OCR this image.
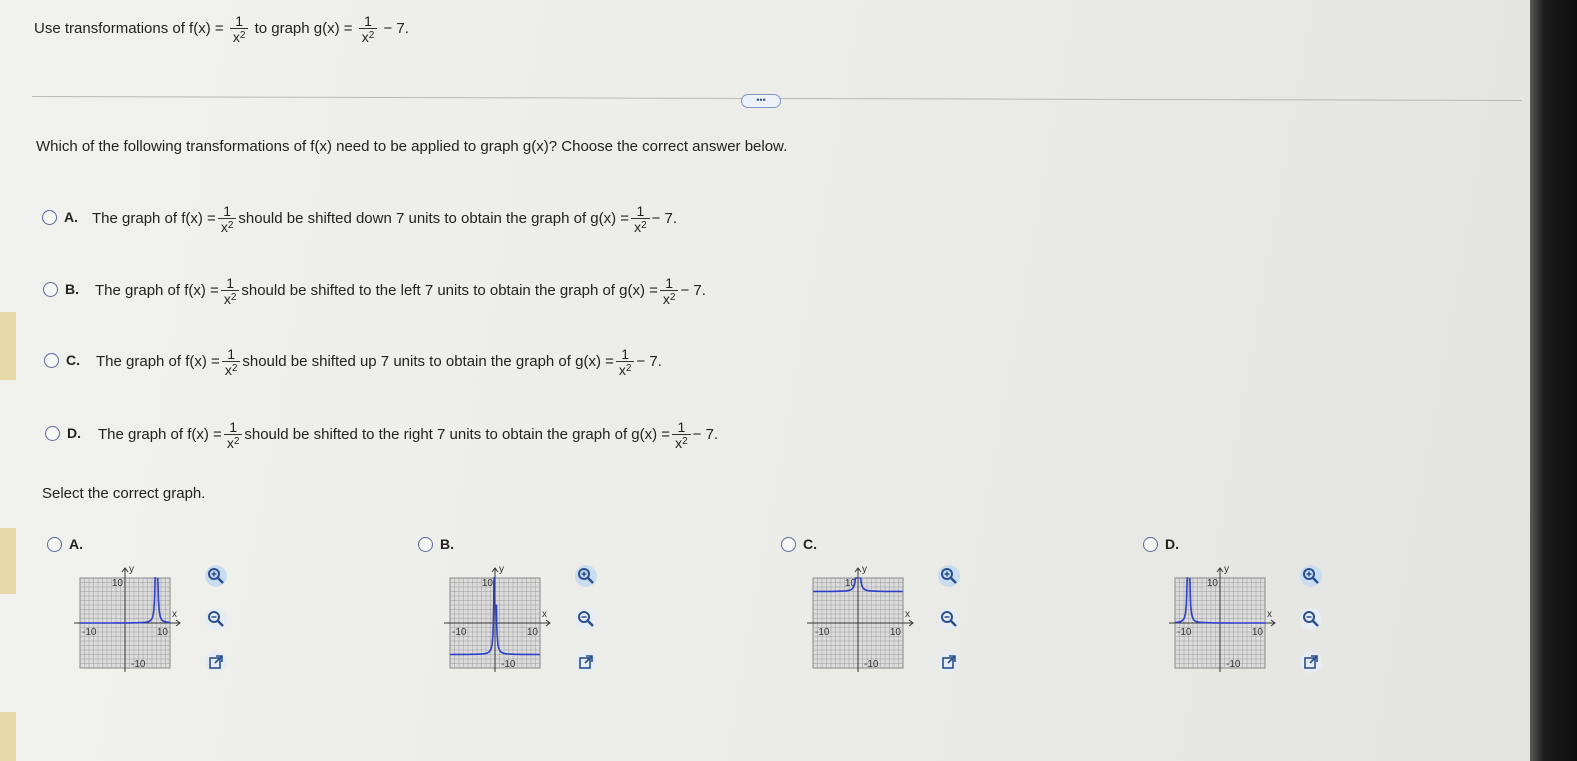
Use transformations of $f(x) = \frac{1}{x^2}$ to graph $g(x) = \frac{1}{x^2} - 7$.
•••
Which of the following transformations of f(x) need to be applied to graph g(x)? Choose the correct answer below.
A. The graph of $f(x) = \frac{1}{x^2}$ should be shifted down 7 units to obtain the graph of $g(x) = \frac{1}{x^2} - 7$.
B. The graph of $f(x) = \frac{1}{x^2}$ should be shifted to the left 7 units to obtain the graph of $g(x) = \frac{1}{x^2} - 7$.
C. The graph of $f(x) = \frac{1}{x^2}$ should be shifted up 7 units to obtain the graph of $g(x) = \frac{1}{x^2} - 7$.
D. The graph of $f(x) = \frac{1}{x^2}$ should be shifted to the right 7 units to obtain the graph of $g(x) = \frac{1}{x^2} - 7$.
Select the correct graph.
A.
y
x
10
10
-10
-10
B.
y
x
10
10
-10
-10
C.
y
x
10
10
-10
-10
D.
y
x
10
10
-10
-10
